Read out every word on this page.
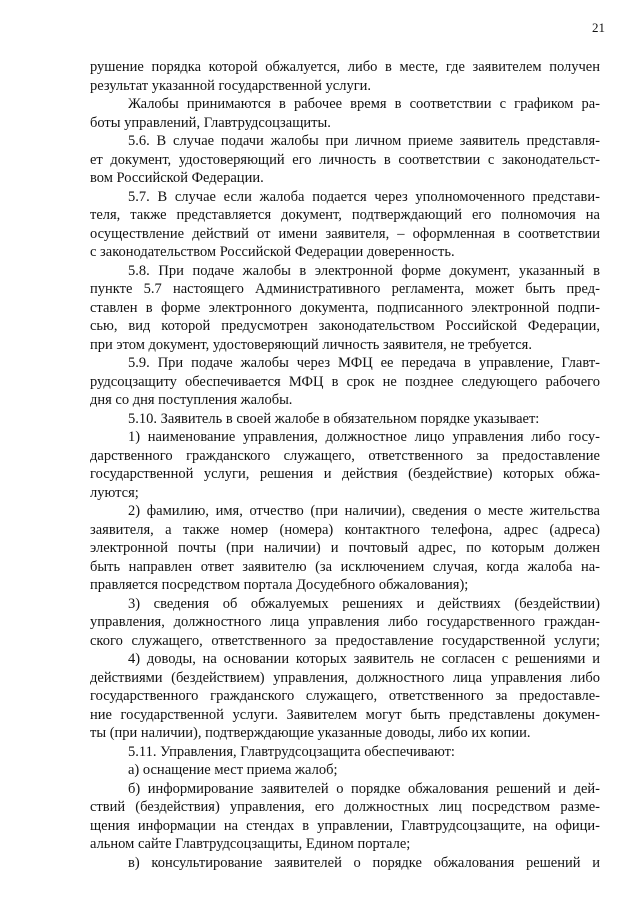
21
рушение порядка которой обжалуется, либо в месте, где заявителем получен
результат указанной государственной услуги.
Жалобы принимаются в рабочее время в соответствии с графиком ра-
боты управлений, Главтрудсоцзащиты.
5.6. В случае подачи жалобы при личном приеме заявитель представля-
ет документ, удостоверяющий его личность в соответствии с законодательст-
вом Российской Федерации.
5.7. В случае если жалоба подается через уполномоченного представи-
теля, также представляется документ, подтверждающий его полномочия на
осуществление действий от имени заявителя, – оформленная в соответствии
с законодательством Российской Федерации доверенность.
5.8. При подаче жалобы в электронной форме документ, указанный в
пункте 5.7 настоящего Административного регламента, может быть пред-
ставлен в форме электронного документа, подписанного электронной подпи-
сью, вид которой предусмотрен законодательством Российской Федерации,
при этом документ, удостоверяющий личность заявителя, не требуется.
5.9. При подаче жалобы через МФЦ ее передача в управление, Главт-
рудсоцзащиту обеспечивается МФЦ в срок не позднее следующего рабочего
дня со дня поступления жалобы.
5.10. Заявитель в своей жалобе в обязательном порядке указывает:
1) наименование управления, должностное лицо управления либо госу-
дарственного гражданского служащего, ответственного за предоставление
государственной услуги, решения и действия (бездействие) которых обжа-
луются;
2) фамилию, имя, отчество (при наличии), сведения о месте жительства
заявителя, а также номер (номера) контактного телефона, адрес (адреса)
электронной почты (при наличии) и почтовый адрес, по которым должен
быть направлен ответ заявителю (за исключением случая, когда жалоба на-
правляется посредством портала Досудебного обжалования);
3) сведения об обжалуемых решениях и действиях (бездействии)
управления, должностного лица управления либо государственного граждан-
ского служащего, ответственного за предоставление государственной услуги;
4) доводы, на основании которых заявитель не согласен с решениями и
действиями (бездействием) управления, должностного лица управления либо
государственного гражданского служащего, ответственного за предоставле-
ние государственной услуги. Заявителем могут быть представлены докумен-
ты (при наличии), подтверждающие указанные доводы, либо их копии.
5.11. Управления, Главтрудсоцзащита обеспечивают:
а) оснащение мест приема жалоб;
б) информирование заявителей о порядке обжалования решений и дей-
ствий (бездействия) управления, его должностных лиц посредством разме-
щения информации на стендах в управлении, Главтрудсоцзащите, на офици-
альном сайте Главтрудсоцзащиты, Едином портале;
в) консультирование заявителей о порядке обжалования решений и
